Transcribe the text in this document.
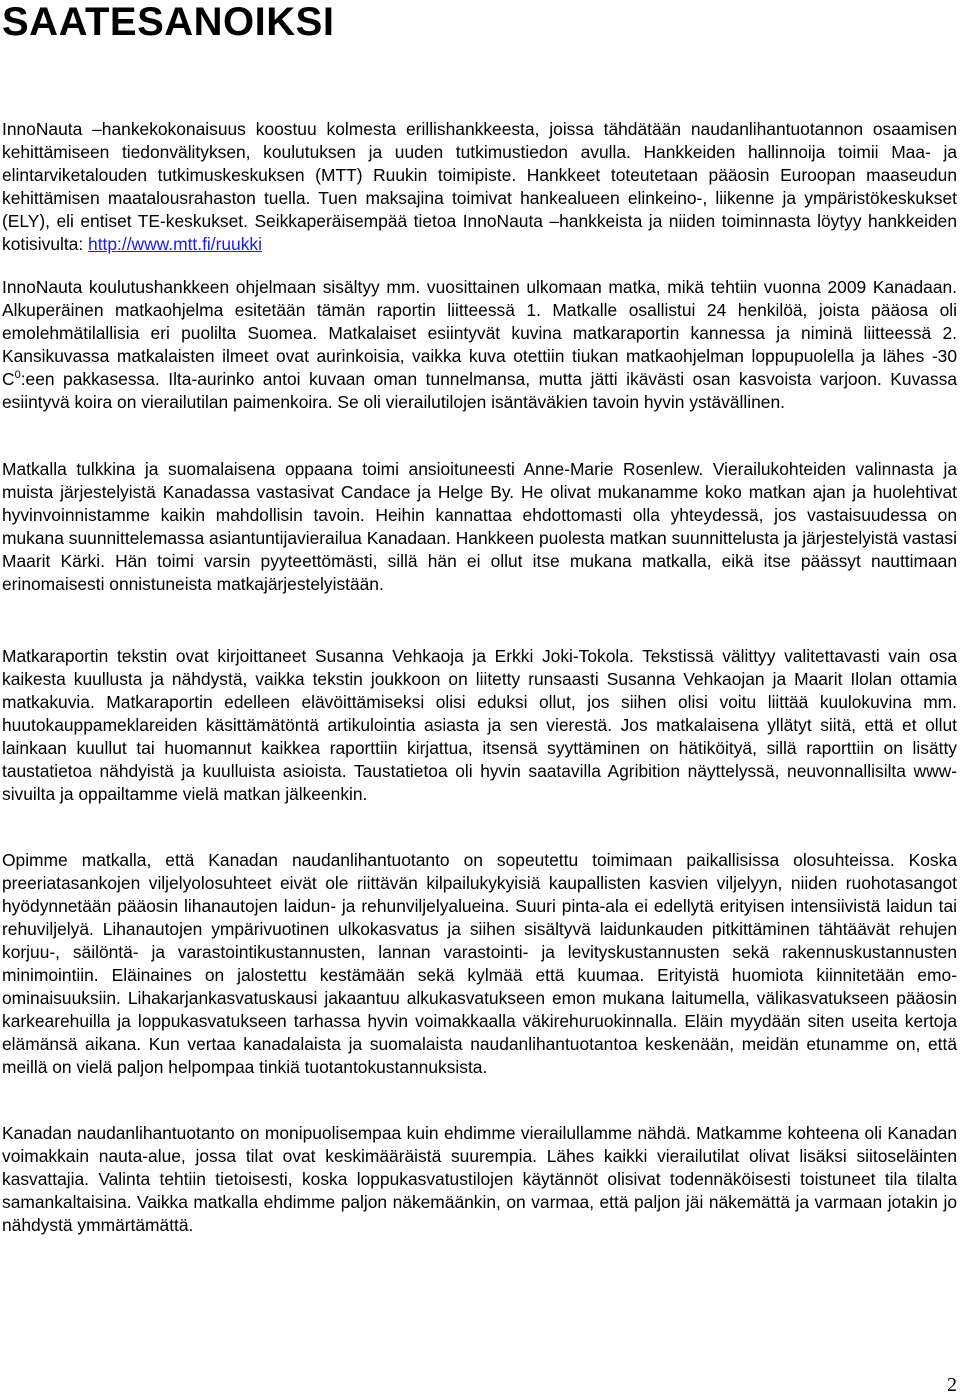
SAATESANOIKSI

InnoNauta –hankekokonaisuus koostuu kolmesta erillishankkeesta, joissa tähdätään naudanlihantuotannon osaamisen kehittämiseen tiedonvälityksen, koulutuksen ja uuden tutkimustiedon avulla. Hankkeiden hallinnoija toimii Maa- ja elintarviketalouden tutkimuskeskuksen (MTT) Ruukin toimipiste. Hankkeet toteutetaan pääosin Euroopan maaseudun kehittämisen maatalousrahaston tuella. Tuen maksajina toimivat hankealueen elinkeino-, liikenne ja ympäristökeskukset (ELY), eli entiset TE-keskukset. Seikkaperäisempää tietoa InnoNauta –hankkeista ja niiden toiminnasta löytyy hankkeiden kotisivulta: http://www.mtt.fi/ruukki

InnoNauta koulutushankkeen ohjelmaan sisältyy mm. vuosittainen ulkomaan matka, mikä tehtiin vuonna 2009 Kanadaan. Alkuperäinen matkaohjelma esitetään tämän raportin liitteessä 1. Matkalle osallistui 24 henkilöä, joista pääosa oli emolehmätilallisia eri puolilta Suomea. Matkalaiset esiintyvät kuvina matkaraportin kannessa ja niminä liitteessä 2. Kansikuvassa matkalaisten ilmeet ovat aurinkoisia, vaikka kuva otettiin tiukan matkaohjelman loppupuolella ja lähes -30 $C^0:een$ pakkasessa. Ilta-aurinko antoi kuvaan oman tunnelmansa, mutta jätti ikävästi osan kasvoista varjoon. Kuvassa esiintyvä koira on vierailutilan paimenkoira. Se oli vierailutilojen isäntäväkien tavoin hyvin ystävällinen.

Matkalla tulkkina ja suomalaisena oppaana toimi ansioituneesti Anne-Marie Rosenlew. Vierailukohteiden valinnasta ja muista järjestelyistä Kanadassa vastasivat Candace ja Helge By. He olivat mukanamme koko matkan ajan ja huolehtivat hyvinvoinnistamme kaikin mahdollisin tavoin. Heihin kannattaa ehdottomasti olla yhteydessä, jos vastaisuudessa on mukana suunnittelemassa asiantuntijavierailua Kanadaan. Hankkeen puolesta matkan suunnittelusta ja järjestelyistä vastasi Maarit Kärki. Hän toimi varsin pyyteettömästi, sillä hän ei ollut itse mukana matkalla, eikä itse päässyt nauttimaan erinomaisesti onnistuneista matkajärjestelyistään.

Matkaraportin tekstin ovat kirjoittaneet Susanna Vehkaoja ja Erkki Joki-Tokola. Tekstissä välittyy valitettavasti vain osa kaikesta kuullusta ja nähdystä, vaikka tekstin joukkoon on liitetty runsaasti Susanna Vehkaojan ja Maarit Ilolan ottamia matkakuvia. Matkaraportin edelleen elävöittämiseksi olisi eduksi ollut, jos siihen olisi voitu liittää kuulokuvina mm. huutokauppameklareiden käsittämätöntä artikulointia asiasta ja sen vierestä. Jos matkalaisena yllätyt siitä, että et ollut lainkaan kuullut tai huomannut kaikkea raporttiin kirjattua, itsensä syyttäminen on hätiköityä, sillä raporttiin on lisätty taustatietoa nähdyistä ja kuulluista asioista. Taustatietoa oli hyvin saatavilla Agribition näyttelyssä, neuvonnallisilta www-sivuilta ja oppailtamme vielä matkan jälkeenkin.

Opimme matkalla, että Kanadan naudanlihantuotanto on sopeutettu toimimaan paikallisissa olosuhteissa. Koska preeriatasankojen viljelyolosuhteet eivät ole riittävän kilpailukykyisiä kaupallisten kasvien viljelyyn, niiden ruohotasangot hyödynnetään pääosin lihanautojen laidun- ja rehunviljelyalueina. Suuri pinta-ala ei edellytä erityisen intensiivistä laidun tai rehuviljelyä. Lihanautojen ympärivuotinen ulkokasvatus ja siihen sisältyvä laidunkauden pitkittäminen tähtäävät rehujen korjuu-, säilöntä- ja varastointikustannusten, lannan varastointi- ja levityskustannusten sekä rakennuskustannusten minimointiin. Eläinaines on jalostettu kestämään sekä kylmää että kuumaa. Erityistä huomiota kiinnitetään emo-ominaisuuksiin. Lihakarjankasvatuskausi jakaantuu alkukasvatukseen emon mukana laitumella, välikasvatukseen pääosin karkearehuilla ja loppukasvatukseen tarhassa hyvin voimakkaalla väkirehuruokinnalla. Eläin myydään siten useita kertoja elämänsä aikana. Kun vertaa kanadalaista ja suomalaista naudanlihantuotantoa keskenään, meidän etunamme on, että meillä on vielä paljon helpompaa tinkiä tuotantokustannuksista.

Kanadan naudanlihantuotanto on monipuolisempaa kuin ehdimme vierailullamme nähdä. Matkamme kohteena oli Kanadan voimakkain nauta-alue, jossa tilat ovat keskimääräistä suurempia. Lähes kaikki vierailutilat olivat lisäksi siitoseläinten kasvattajia. Valinta tehtiin tietoisesti, koska loppukasvatustilojen käytännöt olisivat todennäköisesti toistuneet tila tilalta samankaltaisina. Vaikka matkalla ehdimme paljon näkemäänkin, on varmaa, että paljon jäi näkemättä ja varmaan jotakin jo nähdystä ymmärtämättä.

2
